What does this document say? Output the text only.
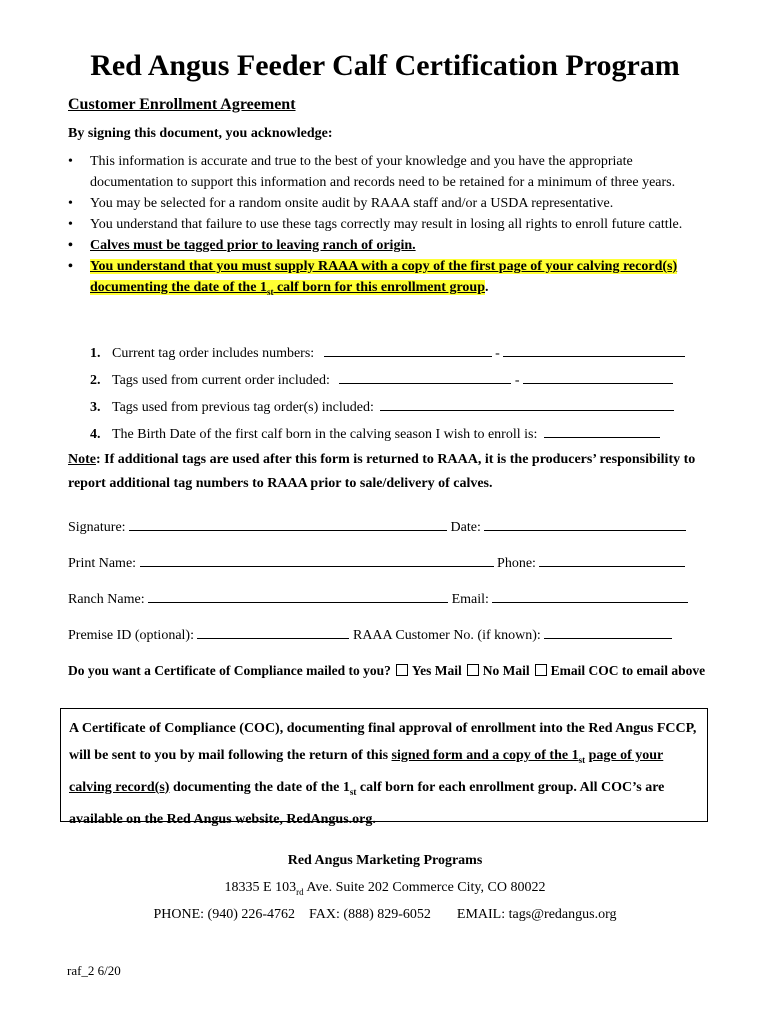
Red Angus Feeder Calf Certification Program

Customer Enrollment Agreement

By signing this document, you acknowledge:

• This information is accurate and true to the best of your knowledge and you have the appropriate documentation to support this information and records need to be retained for a minimum of three years.
• You may be selected for a random onsite audit by RAAA staff and/or a USDA representative.
• You understand that failure to use these tags correctly may result in losing all rights to enroll future cattle.
• Calves must be tagged prior to leaving ranch of origin.
• You understand that you must supply RAAA with a copy of the first page of your calving record(s) documenting the date of the $1_{st}$ calf born for this enrollment group.
1. Current tag order includes numbers:	-
2. Tags used from current order included:	-
3. Tags used from previous tag order(s) included:
4. The Birth Date of the first calf born in the calving season I wish to enroll is:

Note: If additional tags are used after this form is returned to RAAA, it is the producers’ responsibility to report additional tag numbers to RAAA prior to sale/delivery of calves.

Signature:	Date:
Print Name:	Phone:
Ranch Name:	Email:
Premise ID (optional):	RAAA Customer No. (if known):

Do you want a Certificate of Compliance mailed to you? Yes Mail No Mail Email COC to email above

A Certificate of Compliance (COC), documenting final approval of enrollment into the Red Angus FCCP, will be sent to you by mail following the return of this signed form and a copy of the $1_{st}$ page of your calving record(s) documenting the date of the $1_{st}$ calf born for each enrollment group. All COC’s are available on the Red Angus website, RedAngus.org.
Red Angus Marketing Programs
18335 E $103_{rd}$ Ave. Suite 202 Commerce City, CO 80022
PHONE: (940) 226-4762 FAX: (888) 829-6052 EMAIL: tags@redangus.org
raf_2 6/20
